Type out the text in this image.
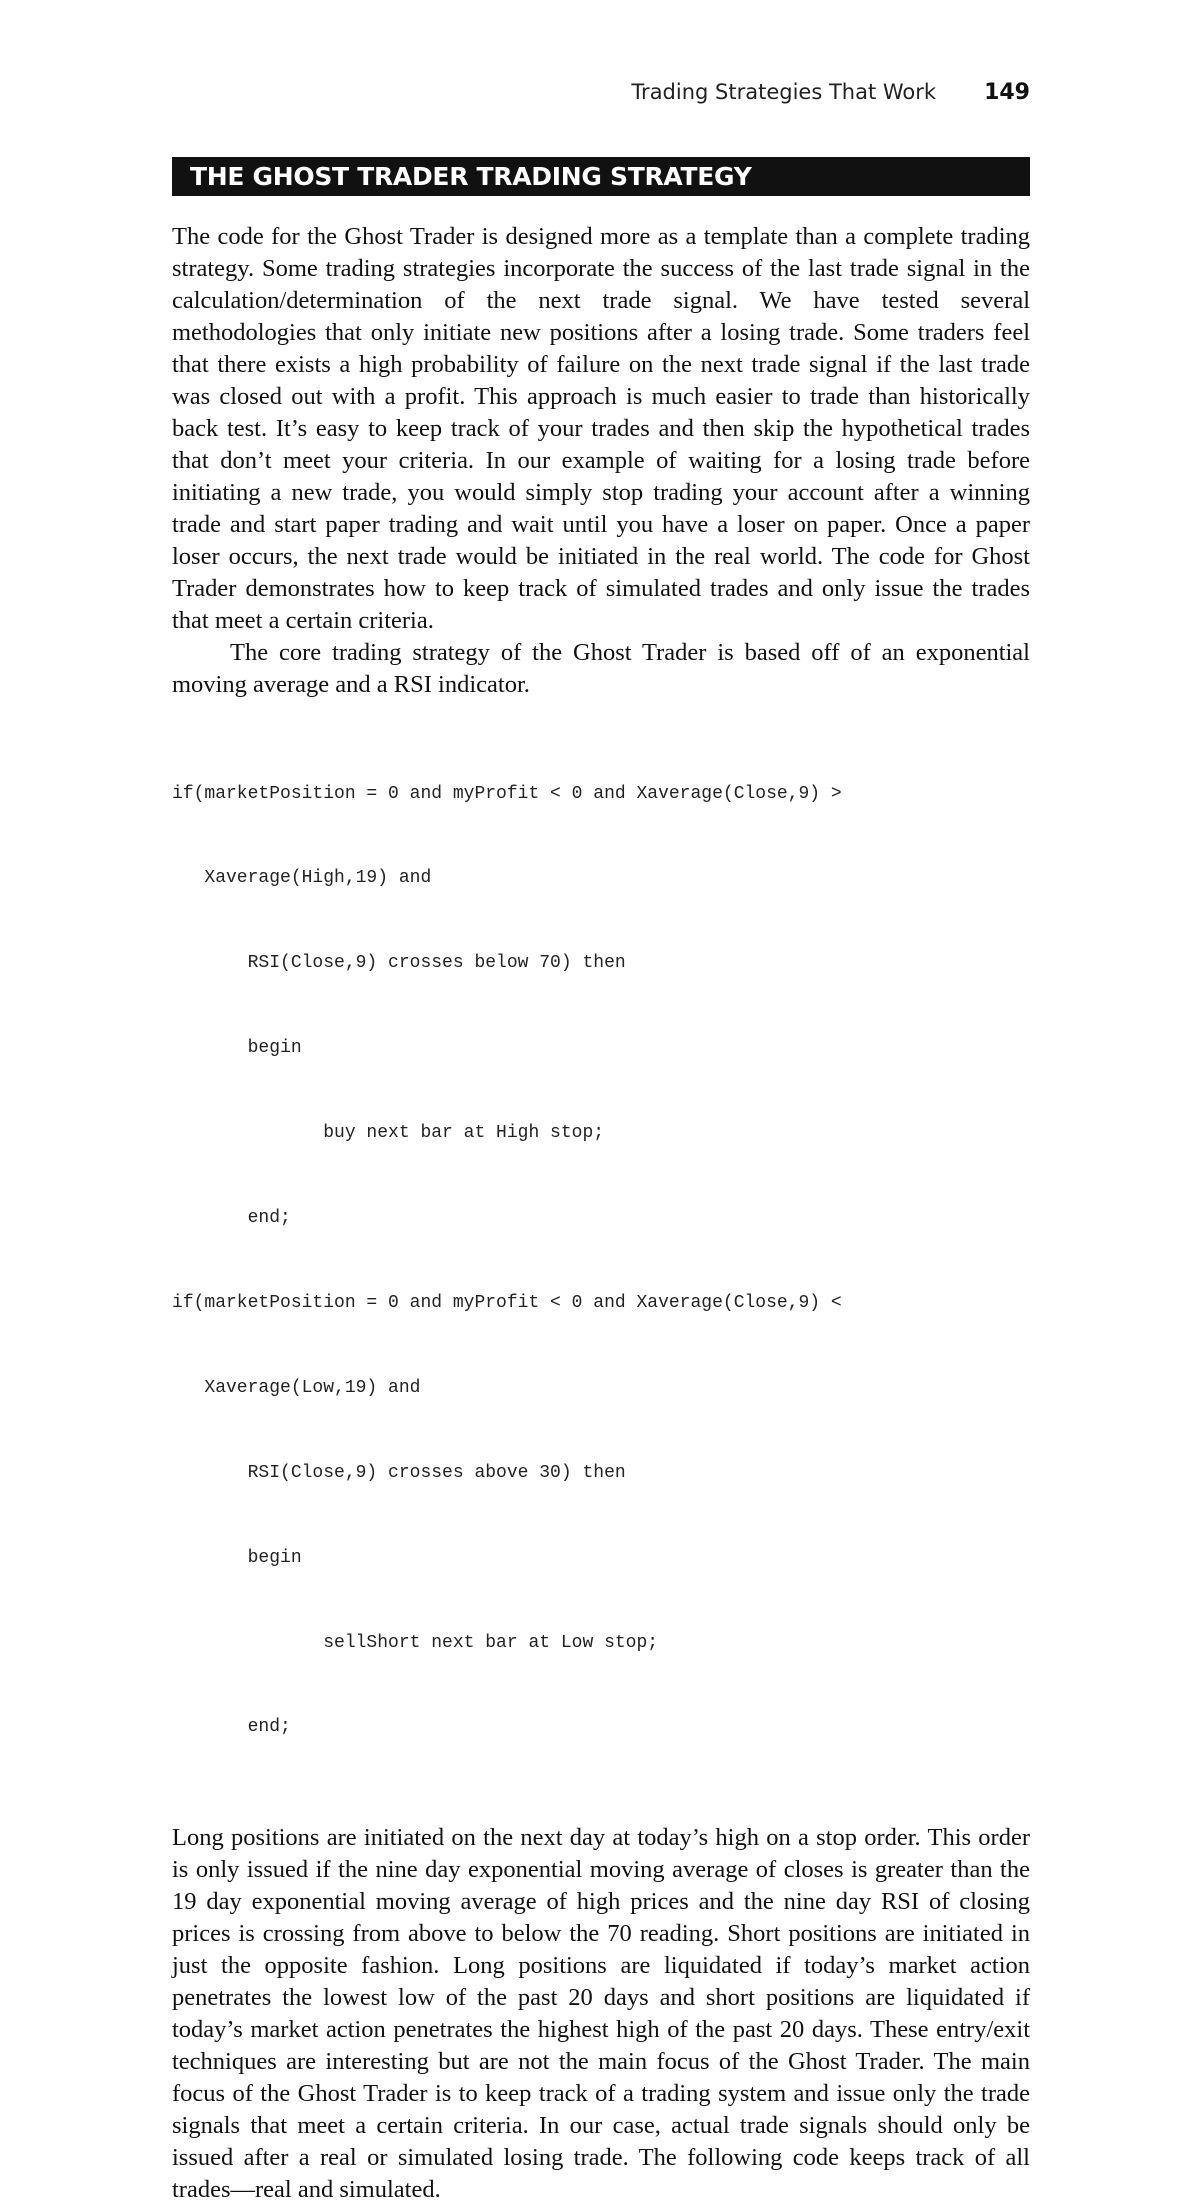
Trading Strategies That Work 149
THE GHOST TRADER TRADING STRATEGY

The code for the Ghost Trader is designed more as a template than a complete trading strategy. Some trading strategies incorporate the success of the last trade signal in the calculation/determination of the next trade signal. We have tested several methodologies that only initiate new positions after a losing trade. Some traders feel that there exists a high probability of failure on the next trade signal if the last trade was closed out with a profit. This approach is much easier to trade than historically back test. It’s easy to keep track of your trades and then skip the hypothetical trades that don’t meet your criteria. In our example of waiting for a losing trade before initiating a new trade, you would simply stop trading your account after a winning trade and start paper trading and wait until you have a loser on paper. Once a paper loser occurs, the next trade would be initiated in the real world. The code for Ghost Trader demonstrates how to keep track of simulated trades and only issue the trades that meet a certain criteria.

The core trading strategy of the Ghost Trader is based off of an exponential moving average and a RSI indicator.

if(marketPosition = 0 and myProfit < 0 and Xaverage(Close,9) >

Xaverage(High,19) and

RSI(Close,9) crosses below 70) then

begin

buy next bar at High stop;

end;

if(marketPosition = 0 and myProfit < 0 and Xaverage(Close,9) <

Xaverage(Low,19) and

RSI(Close,9) crosses above 30) then

begin

sellShort next bar at Low stop;

end;

Long positions are initiated on the next day at today’s high on a stop order. This order is only issued if the nine day exponential moving average of closes is greater than the 19 day exponential moving average of high prices and the nine day RSI of closing prices is crossing from above to below the 70 reading. Short positions are initiated in just the opposite fashion. Long positions are liquidated if today’s market action penetrates the lowest low of the past 20 days and short positions are liquidated if today’s market action penetrates the highest high of the past 20 days. These entry/exit techniques are interesting but are not the main focus of the Ghost Trader. The main focus of the Ghost Trader is to keep track of a trading system and issue only the trade signals that meet a certain criteria. In our case, actual trade signals should only be issued after a real or simulated losing trade. The following code keeps track of all trades—real and simulated.
